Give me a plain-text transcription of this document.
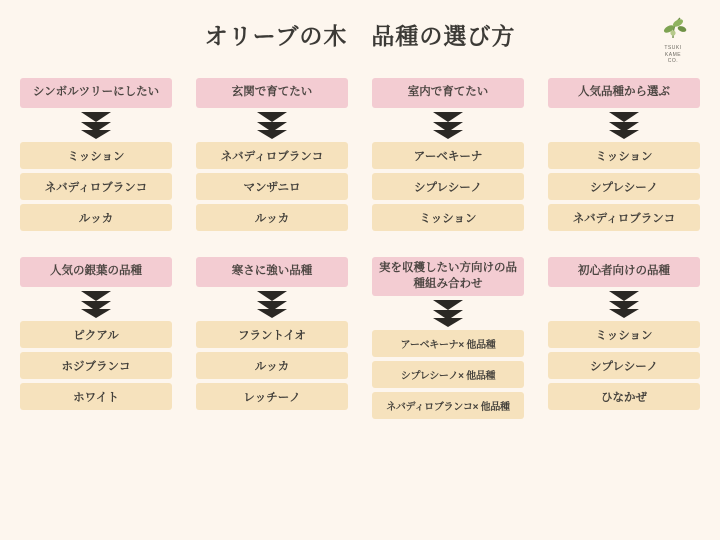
オリーブの木　品種の選び方	TSUKI
KAME
CO.
シンボルツリーにしたい
ミッション
ネバディロブランコ
ルッカ
玄関で育てたい
ネバディロブランコ
マンザニロ
ルッカ
室内で育てたい
アーベキーナ
シプレシーノ
ミッション
人気品種から選ぶ
ミッション
シプレシーノ
ネバディロブランコ
人気の銀葉の品種
ピクアル
ホジブランコ
ホワイト
寒さに強い品種
フラントイオ
ルッカ
レッチーノ
実を収穫したい方向けの品種組み合わせ
アーベキーナ× 他品種
シプレシーノ× 他品種
ネバディロブランコ× 他品種
初心者向けの品種
ミッション
シプレシーノ
ひなかぜ
